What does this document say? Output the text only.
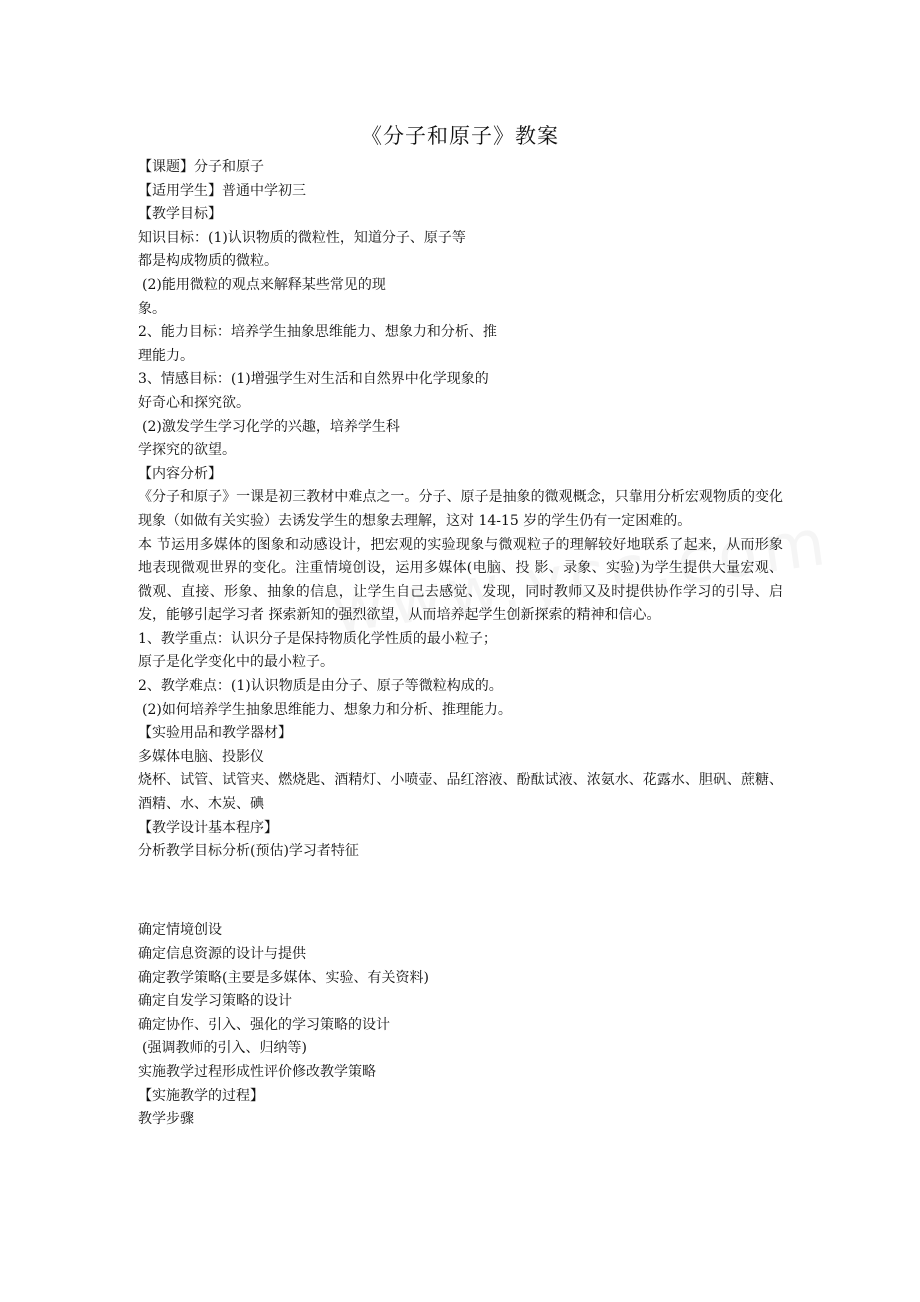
《分子和原子》教案

【课题】分子和原子

【适用学生】普通中学初三

【教学目标】

知识目标：(1)认识物质的微粒性，知道分子、原子等

都是构成物质的微粒。

(2)能用微粒的观点来解释某些常见的现

象。

2、能力目标：培养学生抽象思维能力、想象力和分析、推

理能力。

3、情感目标：(1)增强学生对生活和自然界中化学现象的

好奇心和探究欲。

(2)激发学生学习化学的兴趣，培养学生科

学探究的欲望。

【内容分析】

《分子和原子》一课是初三教材中难点之一。分子、原子是抽象的微观概念，只靠用分析宏观物质的变化现象（如做有关实验）去诱发学生的想象去理解，这对 14-15 岁的学生仍有一定困难的。

本 节运用多媒体的图象和动感设计，把宏观的实验现象与微观粒子的理解较好地联系了起来，从而形象地表现微观世界的变化。注重情境创设，运用多媒体(电脑、投 影、录象、实验)为学生提供大量宏观、微观、直接、形象、抽象的信息，让学生自己去感觉、发现，同时教师又及时提供协作学习的引导、启发，能够引起学习者 探索新知的强烈欲望，从而培养起学生创新探索的精神和信心。

1、教学重点：认识分子是保持物质化学性质的最小粒子；

原子是化学变化中的最小粒子。

2、教学难点：(1)认识物质是由分子、原子等微粒构成的。

(2)如何培养学生抽象思维能力、想象力和分析、推理能力。

【实验用品和教学器材】

多媒体电脑、投影仪

烧杯、试管、试管夹、燃烧匙、酒精灯、小喷壶、品红溶液、酚酞试液、浓氨水、花露水、胆矾、蔗糖、酒精、水、木炭、碘

【教学设计基本程序】

分析教学目标分析(预估)学习者特征

确定情境创设

确定信息资源的设计与提供

确定教学策略(主要是多媒体、实验、有关资料)

确定自发学习策略的设计

确定协作、引入、强化的学习策略的设计

(强调教师的引入、归纳等)

实施教学过程形成性评价修改教学策略

【实施教学的过程】

教学步骤
